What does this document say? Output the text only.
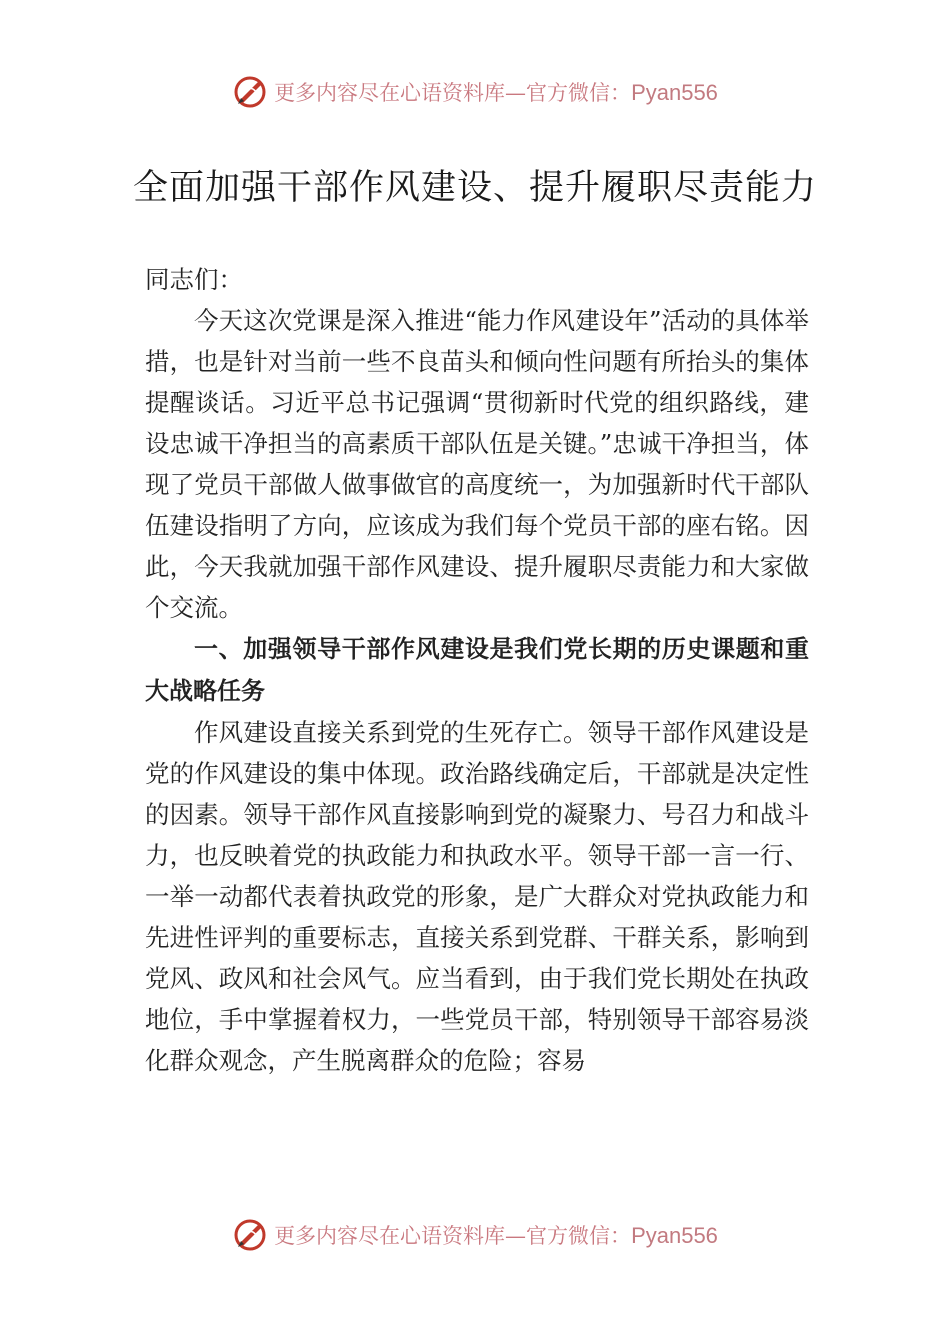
更多内容尽在心语资料库—官方微信：Pyan556
全面加强干部作风建设、提升履职尽责能力

同志们：

今天这次党课是深入推进“能力作风建设年”活动的具体举措，也是针对当前一些不良苗头和倾向性问题有所抬头的集体提醒谈话。习近平总书记强调“贯彻新时代党的组织路线，建设忠诚干净担当的高素质干部队伍是关键。”忠诚干净担当，体现了党员干部做人做事做官的高度统一，为加强新时代干部队伍建设指明了方向，应该成为我们每个党员干部的座右铭。因此，今天我就加强干部作风建设、提升履职尽责能力和大家做个交流。

一、加强领导干部作风建设是我们党长期的历史课题和重大战略任务

作风建设直接关系到党的生死存亡。领导干部作风建设是党的作风建设的集中体现。政治路线确定后，干部就是决定性的因素。领导干部作风直接影响到党的凝聚力、号召力和战斗力，也反映着党的执政能力和执政水平。领导干部一言一行、一举一动都代表着执政党的形象，是广大群众对党执政能力和先进性评判的重要标志，直接关系到党群、干群关系，影响到党风、政风和社会风气。应当看到，由于我们党长期处在执政地位，手中掌握着权力，一些党员干部，特别领导干部容易淡化群众观念，产生脱离群众的危险；容易

更多内容尽在心语资料库—官方微信：Pyan556
